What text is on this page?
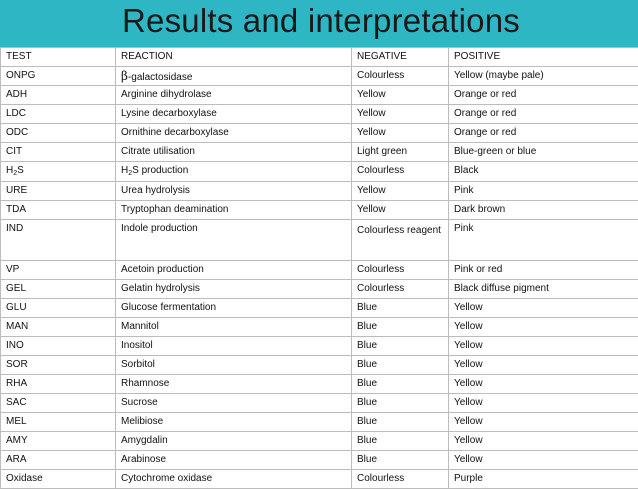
Results and interpretations
TEST	REACTION	NEGATIVE	POSITIVE
ONPG	β-galactosidase	Colourless	Yellow (maybe pale)
ADH	Arginine dihydrolase	Yellow	Orange or red
LDC	Lysine decarboxylase	Yellow	Orange or red
ODC	Ornithine decarboxylase	Yellow	Orange or red
CIT	Citrate utilisation	Light green	Blue-green or blue
$H_2S$	$H_2S$ production	Colourless	Black
URE	Urea hydrolysis	Yellow	Pink
TDA	Tryptophan deamination	Yellow	Dark brown
IND	Indole production	Colourless reagent	Pink
VP	Acetoin production	Colourless	Pink or red
GEL	Gelatin hydrolysis	Colourless	Black diffuse pigment
GLU	Glucose fermentation	Blue	Yellow
MAN	Mannitol	Blue	Yellow
INO	Inositol	Blue	Yellow
SOR	Sorbitol	Blue	Yellow
RHA	Rhamnose	Blue	Yellow
SAC	Sucrose	Blue	Yellow
MEL	Melibiose	Blue	Yellow
AMY	Amygdalin	Blue	Yellow
ARA	Arabinose	Blue	Yellow
Oxidase	Cytochrome oxidase	Colourless	Purple
